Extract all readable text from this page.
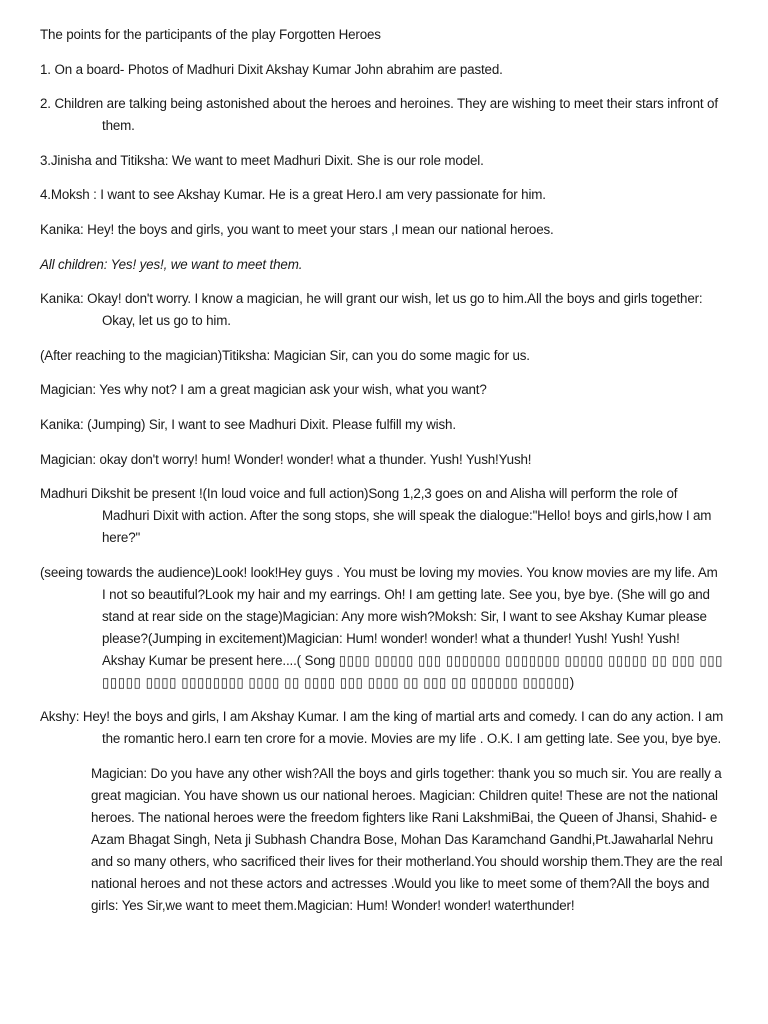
The points for the participants of the play Forgotten Heroes

1. On a board- Photos of Madhuri Dixit Akshay Kumar John abrahim are pasted.

2. Children are talking being astonished about the heroes and heroines. They are wishing to meet their stars infront of them.

3.Jinisha and Titiksha: We want to meet Madhuri Dixit. She is our role model.

4.Moksh : I want to see Akshay Kumar. He is a great Hero.I am very passionate for him.

Kanika: Hey! the boys and girls, you want to meet your stars ,I mean our national heroes.

All children: Yes! yes!, we want to meet them.

Kanika: Okay! don't worry. I know a magician, he will grant our wish, let us go to him.All the boys and girls together: Okay, let us go to him.

(After reaching to the magician)Titiksha: Magician Sir, can you do some magic for us.

Magician: Yes why not? I am a great magician ask your wish, what you want?

Kanika: (Jumping) Sir, I want to see Madhuri Dixit. Please fulfill my wish.

Magician: okay don't worry! hum! Wonder! wonder! what a thunder. Yush! Yush!Yush!

Madhuri Dikshit be present !(In loud voice and full action)Song 1,2,3 goes on and Alisha will perform the role of Madhuri Dixit with action. After the song stops, she will speak the dialogue:"Hello! boys and girls,how I am here?"

(seeing towards the audience)Look! look!Hey guys . You must be loving my movies. You know movies are my life. Am I not so beautiful?Look my hair and my earrings. Oh! I am getting late. See you, bye bye. (She will go and stand at rear side on the stage)Magician: Any more wish?Moksh: Sir, I want to see Akshay Kumar please please?(Jumping in excitement)Magician: Hum! wonder! wonder! what a thunder! Yush! Yush! Yush! Akshay Kumar be present here....( Song ▯▯▯▯ ▯▯▯▯▯ ▯▯▯ ▯▯▯▯▯▯▯ ▯▯▯▯▯▯▯ ▯▯▯▯▯ ▯▯▯▯▯ ▯▯ ▯▯▯ ▯▯▯ ▯▯▯▯▯ ▯▯▯▯ ▯▯▯▯▯▯▯▯ ▯▯▯▯ ▯▯ ▯▯▯▯ ▯▯▯ ▯▯▯▯ ▯▯ ▯▯▯ ▯▯ ▯▯▯▯▯▯ ▯▯▯▯▯▯)

Akshy: Hey! the boys and girls, I am Akshay Kumar. I am the king of martial arts and comedy. I can do any action. I am the romantic hero.I earn ten crore for a movie. Movies are my life . O.K. I am getting late. See you, bye bye.

Magician: Do you have any other wish?All the boys and girls together: thank you so much sir. You are really a great magician. You have shown us our national heroes. Magician: Children quite! These are not the national heroes. The national heroes were the freedom fighters like Rani LakshmiBai, the Queen of Jhansi, Shahid- e Azam Bhagat Singh, Neta ji Subhash Chandra Bose, Mohan Das Karamchand Gandhi,Pt.Jawaharlal Nehru and so many others, who sacrificed their lives for their motherland.You should worship them.They are the real national heroes and not these actors and actresses .Would you like to meet some of them?All the boys and girls: Yes Sir,we want to meet them.Magician: Hum! Wonder! wonder! waterthunder!
